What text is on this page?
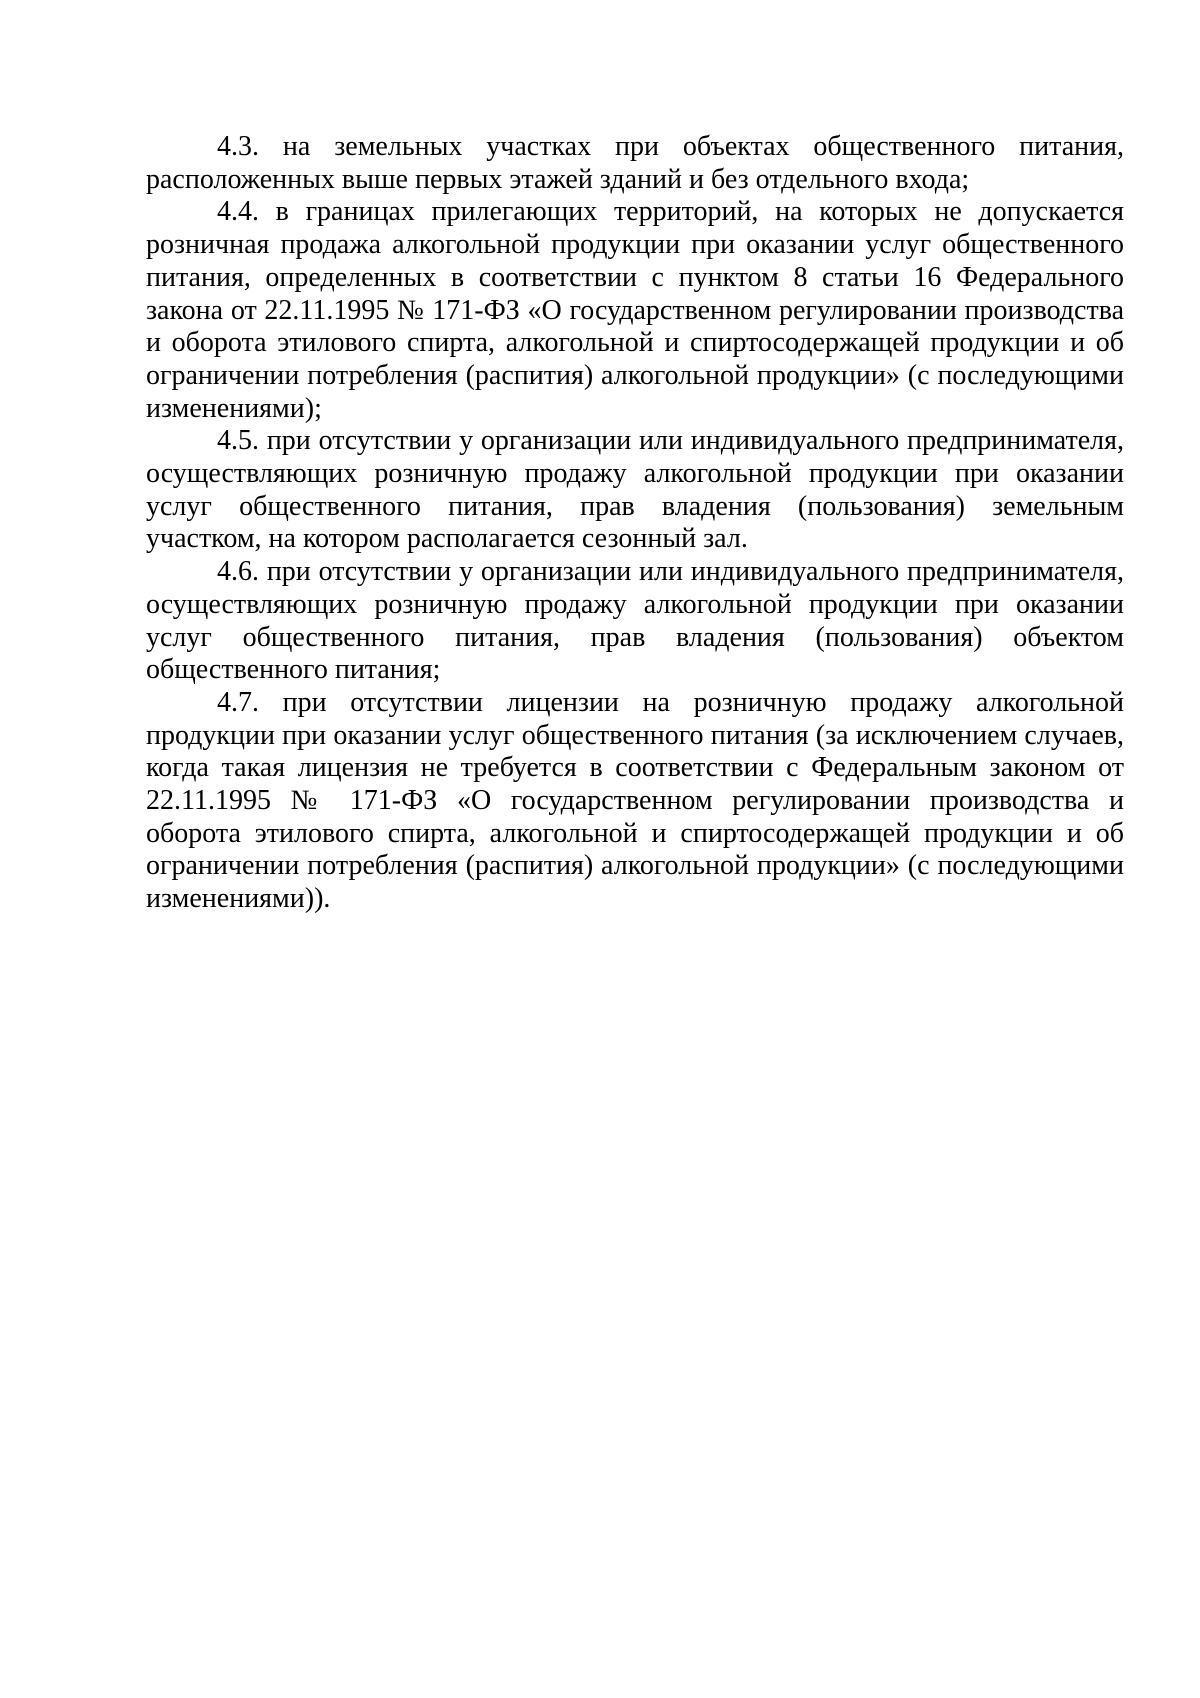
4.3. на земельных участках при объектах общественного питания, расположенных выше первых этажей зданий и без отдельного входа;

4.4. в границах прилегающих территорий, на которых не допускается розничная продажа алкогольной продукции при оказании услуг общественного питания, определенных в соответствии с пунктом 8 статьи 16 Федерального закона от 22.11.1995 № 171-ФЗ «О государственном регулировании производства и оборота этилового спирта, алкогольной и спиртосодержащей продукции и об ограничении потребления (распития) алкогольной продукции» (с последующими изменениями);

4.5. при отсутствии у организации или индивидуального предпринимателя, осуществляющих розничную продажу алкогольной продукции при оказании услуг общественного питания, прав владения (пользования) земельным участком, на котором располагается сезонный зал.

4.6. при отсутствии у организации или индивидуального предпринимателя, осуществляющих розничную продажу алкогольной продукции при оказании услуг общественного питания, прав владения (пользования) объектом общественного питания;

4.7. при отсутствии лицензии на розничную продажу алкогольной продукции при оказании услуг общественного питания (за исключением случаев, когда такая лицензия не требуется в соответствии с Федеральным законом от 22.11.1995 № 171-ФЗ «О государственном регулировании производства и оборота этилового спирта, алкогольной и спиртосодержащей продукции и об ограничении потребления (распития) алкогольной продукции» (с последующими изменениями)).
